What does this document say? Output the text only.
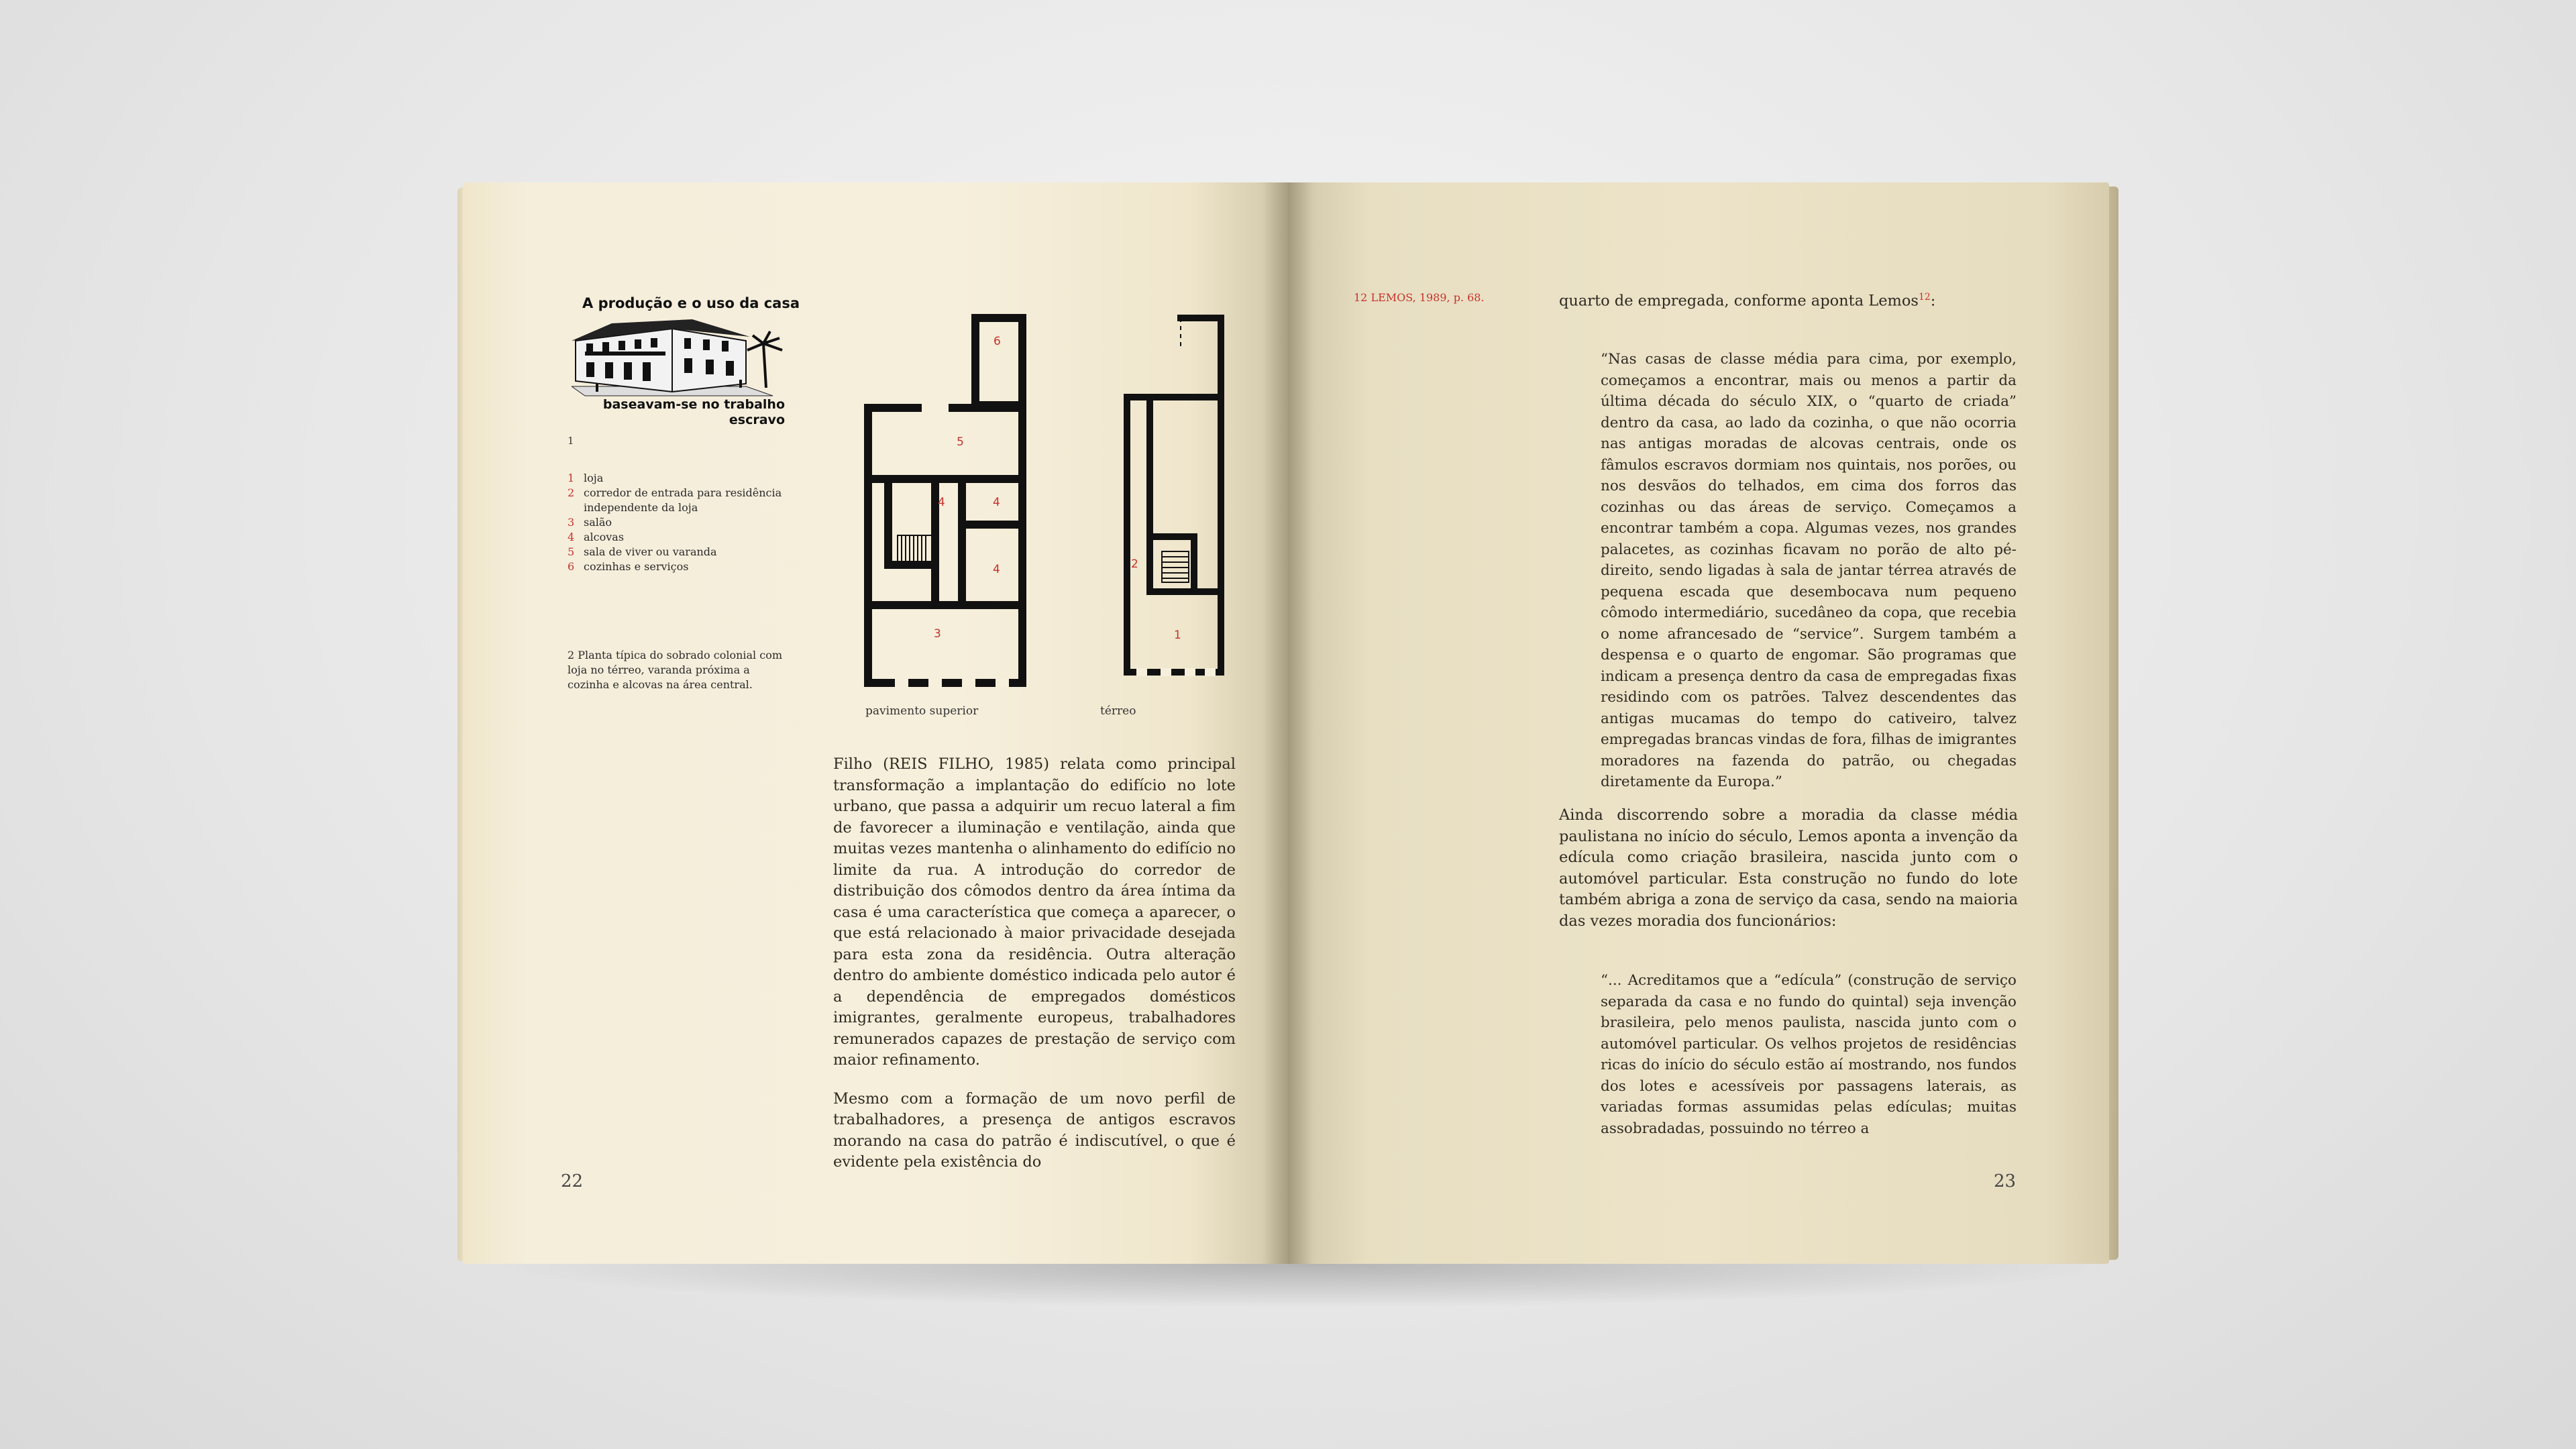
A produção e o uso da casa
baseavam-se no trabalho escravo
1
1 loja
2 corredor de entrada para residência independente da loja
3 salão
4 alcovas
5 sala de viver ou varanda
6 cozinhas e serviços
2 Planta típica do sobrado colonial com loja no térreo, varanda próxima a cozinha e alcovas na área central.
6
5
4	4
4
3
2
1
pavimento superior	térreo

Filho (REIS FILHO, 1985) relata como principal transformação a implantação do edifício no lote urbano, que passa a adquirir um recuo lateral a fim de favorecer a iluminação e ventilação, ainda que muitas vezes mantenha o alinhamento do edifício no limite da rua. A introdução do corredor de distribuição dos cômodos dentro da área íntima da casa é uma característica que começa a aparecer, o que está relacionado à maior privacidade desejada para esta zona da residência. Outra alteração dentro do ambiente doméstico indicada pelo autor é a dependência de empregados domésticos imigrantes, geralmente europeus, trabalhadores remunerados capazes de prestação de serviço com maior refinamento.

Mesmo com a formação de um novo perfil de trabalhadores, a presença de antigos escravos morando na casa do patrão é indiscutível, o que é evidente pela existência do

22
12 LEMOS, 1989, p. 68.	quarto de empregada, conforme aponta Lemos$^{12}$:
“Nas casas de classe média para cima, por exemplo, começamos a encontrar, mais ou menos a partir da última década do século XIX, o “quarto de criada” dentro da casa, ao lado da cozinha, o que não ocorria nas antigas moradas de alcovas centrais, onde os fâmulos escravos dormiam nos quintais, nos porões, ou nos desvãos do telhados, em cima dos forros das cozinhas ou das áreas de serviço. Começamos a encontrar também a copa. Algumas vezes, nos grandes palacetes, as cozinhas ficavam no porão de alto pé-direito, sendo ligadas à sala de jantar térrea através de pequena escada que desembocava num pequeno cômodo intermediário, sucedâneo da copa, que recebia o nome afrancesado de “service”. Surgem também a despensa e o quarto de engomar. São programas que indicam a presença dentro da casa de empregadas fixas residindo com os patrões. Talvez descendentes das antigas mucamas do tempo do cativeiro, talvez empregadas brancas vindas de fora, filhas de imigrantes moradores na fazenda do patrão, ou chegadas diretamente da Europa.”
Ainda discorrendo sobre a moradia da classe média paulistana no início do século, Lemos aponta a invenção da edícula como criação brasileira, nascida junto com o automóvel particular. Esta construção no fundo do lote também abriga a zona de serviço da casa, sendo na maioria das vezes moradia dos funcionários:
“... Acreditamos que a “edícula” (construção de serviço separada da casa e no fundo do quintal) seja invenção brasileira, pelo menos paulista, nascida junto com o automóvel particular. Os velhos projetos de residências ricas do início do século estão aí mostrando, nos fundos dos lotes e acessíveis por passagens laterais, as variadas formas assumidas pelas edículas; muitas assobradadas, possuindo no térreo a
23
